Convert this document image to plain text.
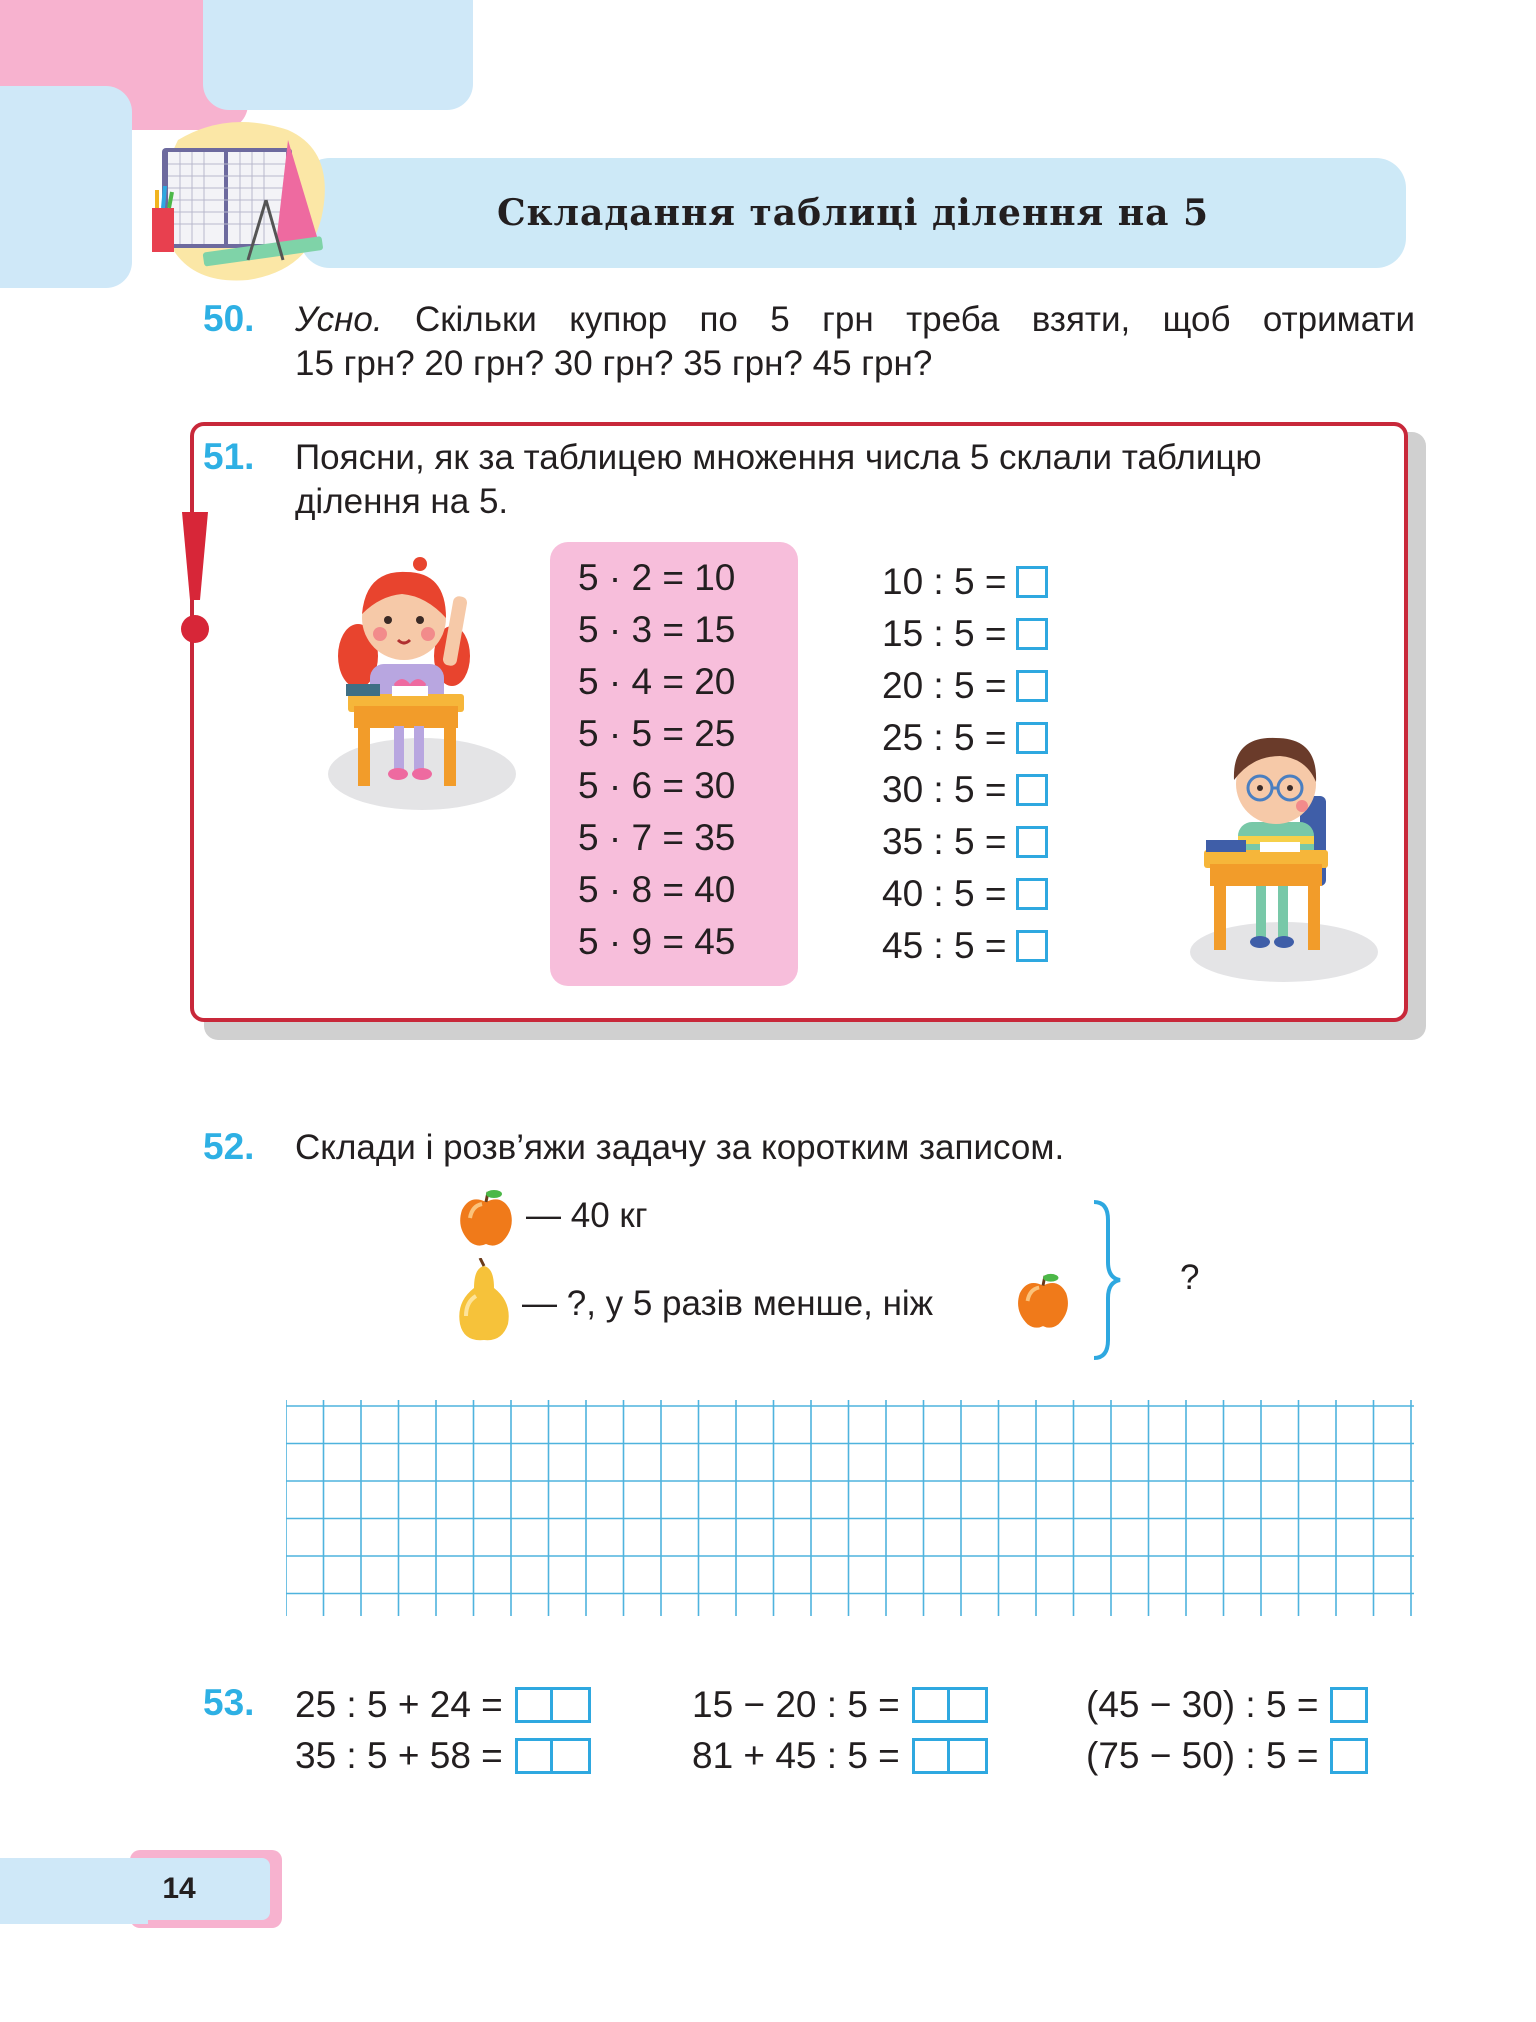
Складання таблиці ділення на 5
50. Усно. Скільки купюр по 5 грн треба взяти, щоб отримати
15 грн? 20 грн? 30 грн? 35 грн? 45 грн?
51. Поясни, як за таблицею множення числа 5 склали таблицю
ділення на 5.
5 · 2 = 10
5 · 3 = 15
5 · 4 = 20
5 · 5 = 25
5 · 6 = 30
5 · 7 = 35
5 · 8 = 40
5 · 9 = 45
10 : 5 =
15 : 5 =
20 : 5 =
25 : 5 =
30 : 5 =
35 : 5 =
40 : 5 =
45 : 5 =
52. Склади і розв’яжи задачу за коротким записом.
— 40 кг
— ?, у 5 разів менше, ніж
?
53. 25 : 5 + 24 =
35 : 5 + 58 =
15 − 20 : 5 =
81 + 45 : 5 =
(45 − 30) : 5 =
(75 − 50) : 5 =
14
